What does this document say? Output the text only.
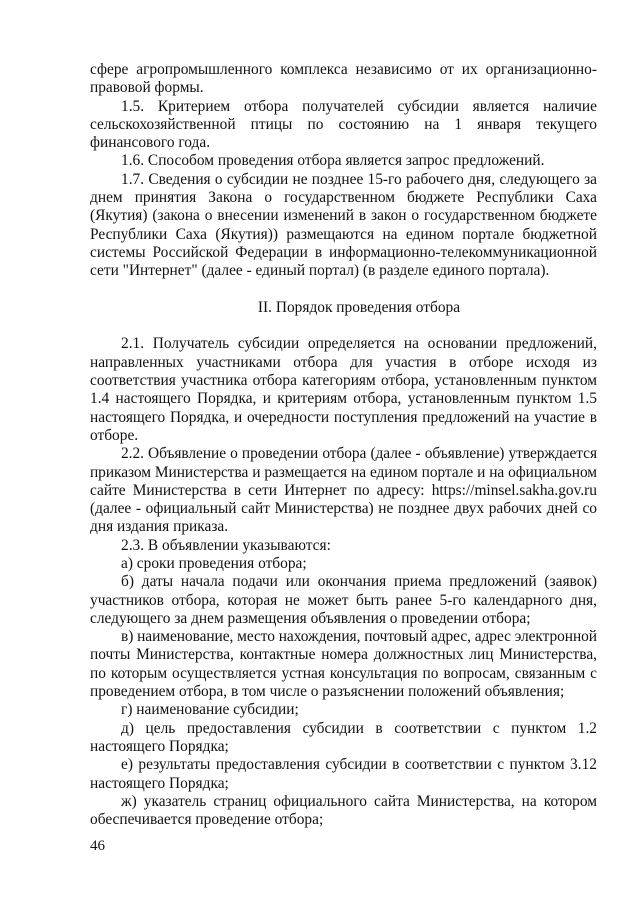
сфере агропромышленного комплекса независимо от их организационно-
правовой формы.
1.5. Критерием отбора получателей субсидии является наличие
сельскохозяйственной птицы по состоянию на 1 января текущего
финансового года.
1.6. Способом проведения отбора является запрос предложений.
1.7. Сведения о субсидии не позднее 15-го рабочего дня, следующего за
днем принятия Закона о государственном бюджете Республики Саха
(Якутия) (закона о внесении изменений в закон о государственном бюджете
Республики Саха (Якутия)) размещаются на едином портале бюджетной
системы Российской Федерации в информационно-телекоммуникационной
сети "Интернет" (далее - единый портал) (в разделе единого портала).
II. Порядок проведения отбора
2.1. Получатель субсидии определяется на основании предложений,
направленных участниками отбора для участия в отборе исходя из
соответствия участника отбора категориям отбора, установленным пунктом
1.4 настоящего Порядка, и критериям отбора, установленным пунктом 1.5
настоящего Порядка, и очередности поступления предложений на участие в
отборе.
2.2. Объявление о проведении отбора (далее - объявление) утверждается
приказом Министерства и размещается на едином портале и на официальном
сайте Министерства в сети Интернет по адресу: https://minsel.sakha.gov.ru
(далее - официальный сайт Министерства) не позднее двух рабочих дней со
дня издания приказа.
2.3. В объявлении указываются:
а) сроки проведения отбора;
б) даты начала подачи или окончания приема предложений (заявок)
участников отбора, которая не может быть ранее 5-го календарного дня,
следующего за днем размещения объявления о проведении отбора;
в) наименование, место нахождения, почтовый адрес, адрес электронной
почты Министерства, контактные номера должностных лиц Министерства,
по которым осуществляется устная консультация по вопросам, связанным с
проведением отбора, в том числе о разъяснении положений объявления;
г) наименование субсидии;
д) цель предоставления субсидии в соответствии с пунктом 1.2
настоящего Порядка;
е) результаты предоставления субсидии в соответствии с пунктом 3.12
настоящего Порядка;
ж) указатель страниц официального сайта Министерства, на котором
обеспечивается проведение отбора;
46
